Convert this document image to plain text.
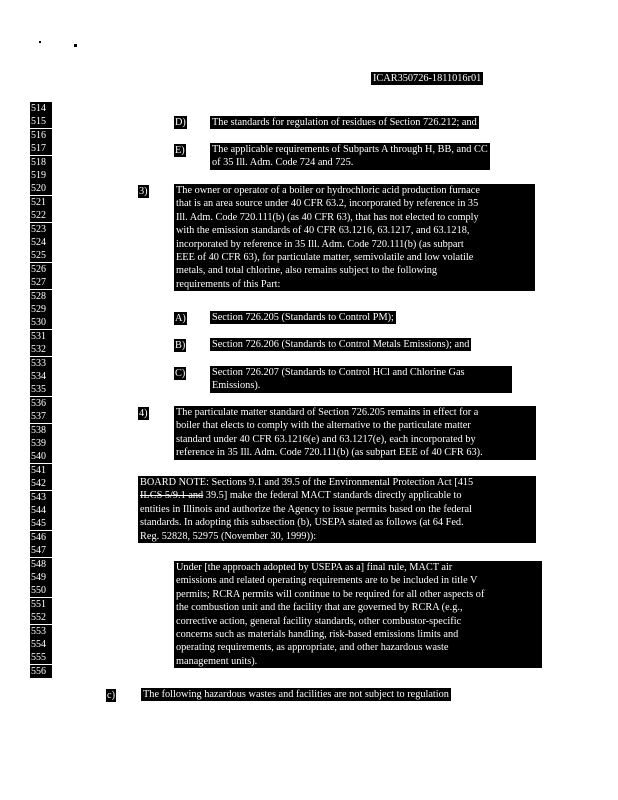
ICAR350726-1811016r01
514
515
516
517
518
519
520
521
522
523
524
525
526
527
528
529
530
531
532
533
534
535
536
537
538
539
540
541
542
543
544
545
546
547
548
549
550
551
552
553
554
555
556
D)	The standards for regulation of residues of Section 726.212; and
E)	The applicable requirements of Subparts A through H, BB, and CC
of 35 Ill. Adm. Code 724 and 725.
3)	The owner or operator of a boiler or hydrochloric acid production furnace
that is an area source under 40 CFR 63.2, incorporated by reference in 35
Ill. Adm. Code 720.111(b) (as 40 CFR 63), that has not elected to comply
with the emission standards of 40 CFR 63.1216, 63.1217, and 63.1218,
incorporated by reference in 35 Ill. Adm. Code 720.111(b) (as subpart
EEE of 40 CFR 63), for particulate matter, semivolatile and low volatile
metals, and total chlorine, also remains subject to the following
requirements of this Part:
A)	Section 726.205 (Standards to Control PM);
B)	Section 726.206 (Standards to Control Metals Emissions); and
C)	Section 726.207 (Standards to Control HCl and Chlorine Gas
Emissions).
4)	The particulate matter standard of Section 726.205 remains in effect for a
boiler that elects to comply with the alternative to the particulate matter
standard under 40 CFR 63.1216(e) and 63.1217(e), each incorporated by
reference in 35 Ill. Adm. Code 720.111(b) (as subpart EEE of 40 CFR 63).
BOARD NOTE: Sections 9.1 and 39.5 of the Environmental Protection Act [415
ILCS 5/9.1 and 39.5] make the federal MACT standards directly applicable to
entities in Illinois and authorize the Agency to issue permits based on the federal
standards. In adopting this subsection (b), USEPA stated as follows (at 64 Fed.
Reg. 52828, 52975 (November 30, 1999)):
Under [the approach adopted by USEPA as a] final rule, MACT air
emissions and related operating requirements are to be included in title V
permits; RCRA permits will continue to be required for all other aspects of
the combustion unit and the facility that are governed by RCRA (e.g.,
corrective action, general facility standards, other combustor-specific
concerns such as materials handling, risk-based emissions limits and
operating requirements, as appropriate, and other hazardous waste
management units).
c)	The following hazardous wastes and facilities are not subject to regulation
